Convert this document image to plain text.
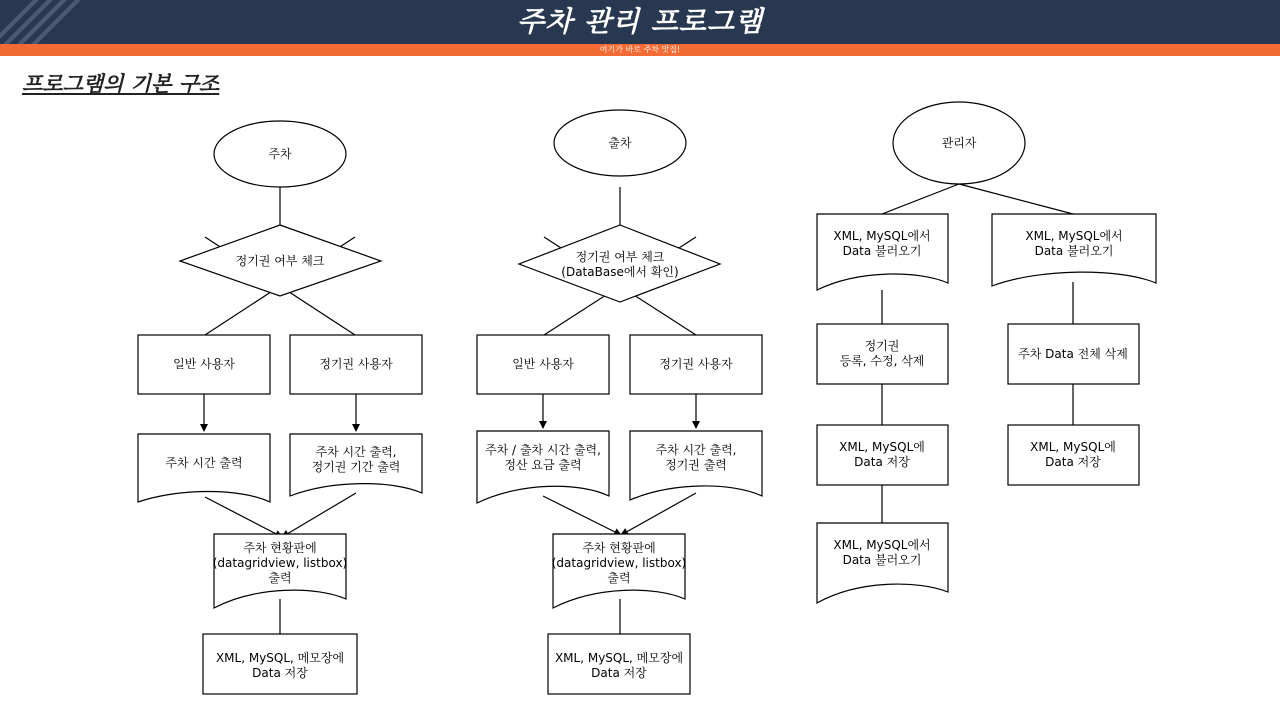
주차 관리 프로그램
여기가 바로 주차 맛집!
프로그램의 기본 구조
주차
정기권 여부 체크
일반 사용자	정기권 사용자
주차 시간 출력
주차 시간 출력,
정기권 기간 출력
주차 현황판에
(datagridview, listbox)
출력
XML, MySQL, 메모장에
Data 저장
출차
정기권 여부 체크
(DataBase에서 확인)
일반 사용자	정기권 사용자
주차 / 출차 시간 출력,
정산 요금 출력
주차 시간 출력,
정기권 출력
주차 현황판에
(datagridview, listbox)
출력
XML, MySQL, 메모장에
Data 저장
관리자
XML, MySQL에서
Data 불러오기
XML, MySQL에서
Data 불러오기
정기권
등록, 수정, 삭제	주차 Data 전체 삭제
XML, MySQL에
Data 저장
XML, MySQL에
Data 저장
XML, MySQL에서
Data 불러오기
